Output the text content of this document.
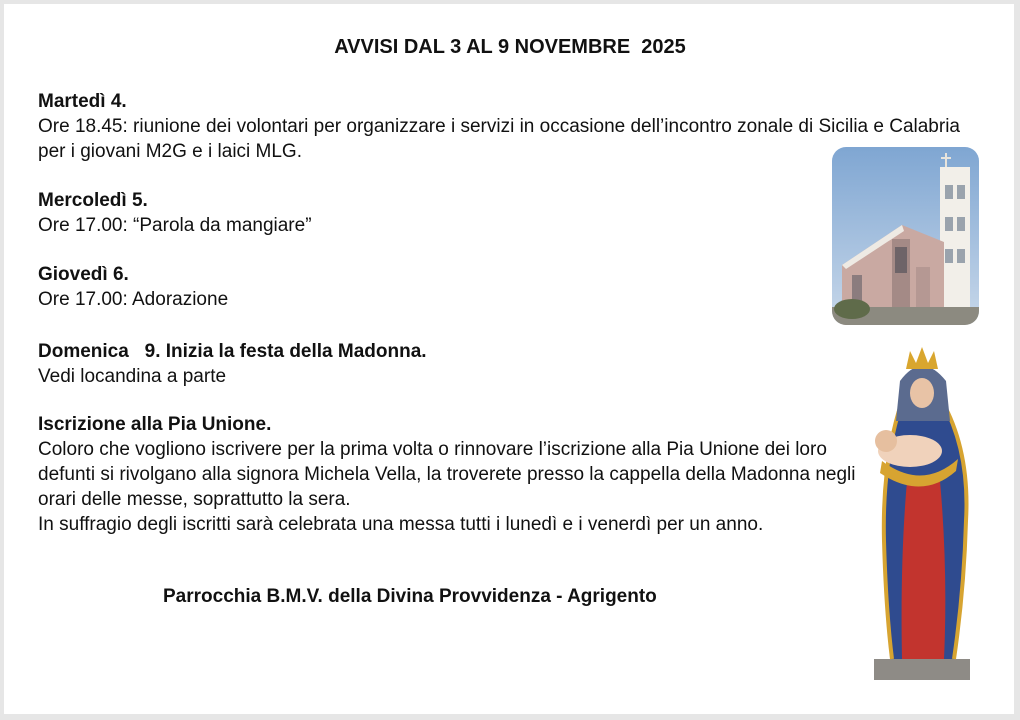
AVVISI DAL 3 AL 9 NOVEMBRE  2025
Martedì 4.
Ore 18.45: riunione dei volontari per organizzare i servizi in occasione dell’incontro zonale di Sicilia e Calabria per i giovani M2G e i laici MLG.
Mercoledì 5.
Ore 17.00: “Parola da mangiare”
Giovedì 6.
Ore 17.00: Adorazione
Domenica   9. Inizia la festa della Madonna.
Vedi locandina a parte
Iscrizione alla Pia Unione.
Coloro che vogliono iscrivere per la prima volta o rinnovare l’iscrizione alla Pia Unione dei loro defunti si rivolgano alla signora Michela Vella, la troverete presso la cappella della Madonna negli orari delle messe, soprattutto la sera.
In suffragio degli iscritti sarà celebrata una messa tutti i lunedì e i venerdì per un anno.
Parrocchia B.M.V. della Divina Provvidenza - Agrigento
